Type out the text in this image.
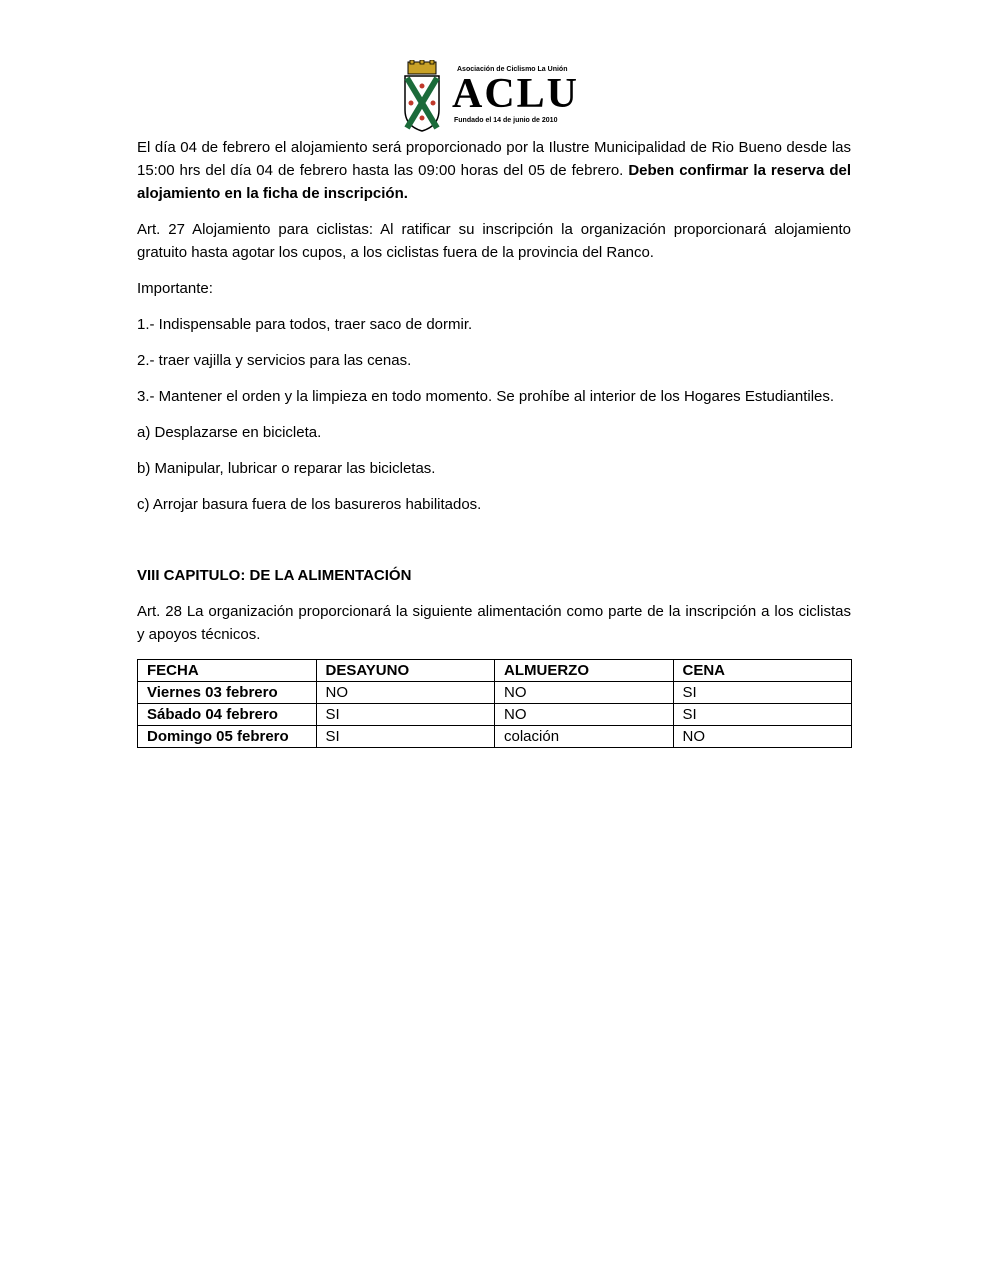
Asociación de Ciclismo La Unión
ACLU
Fundado el 14 de junio de 2010

El día 04 de febrero el alojamiento será proporcionado por la Ilustre Municipalidad de Rio Bueno desde las 15:00 hrs del día 04 de febrero hasta las 09:00 horas del 05 de febrero. Deben confirmar la reserva del alojamiento en la ficha de inscripción.

Art. 27 Alojamiento para ciclistas: Al ratificar su inscripción la organización proporcionará alojamiento gratuito hasta agotar los cupos, a los ciclistas fuera de la provincia del Ranco.

Importante:

1.- Indispensable para todos, traer saco de dormir.

2.- traer vajilla y servicios para las cenas.

3.- Mantener el orden y la limpieza en todo momento. Se prohíbe al interior de los Hogares Estudiantiles.

a) Desplazarse en bicicleta.

b) Manipular, lubricar o reparar las bicicletas.

c) Arrojar basura fuera de los basureros habilitados.

VIII CAPITULO: DE LA ALIMENTACIÓN

Art. 28 La organización proporcionará la siguiente alimentación como parte de la inscripción a los ciclistas y apoyos técnicos.

FECHA	DESAYUNO	ALMUERZO	CENA
Viernes 03 febrero	NO	NO	SI
Sábado 04 febrero	SI	NO	SI
Domingo 05 febrero	SI	colación	NO
